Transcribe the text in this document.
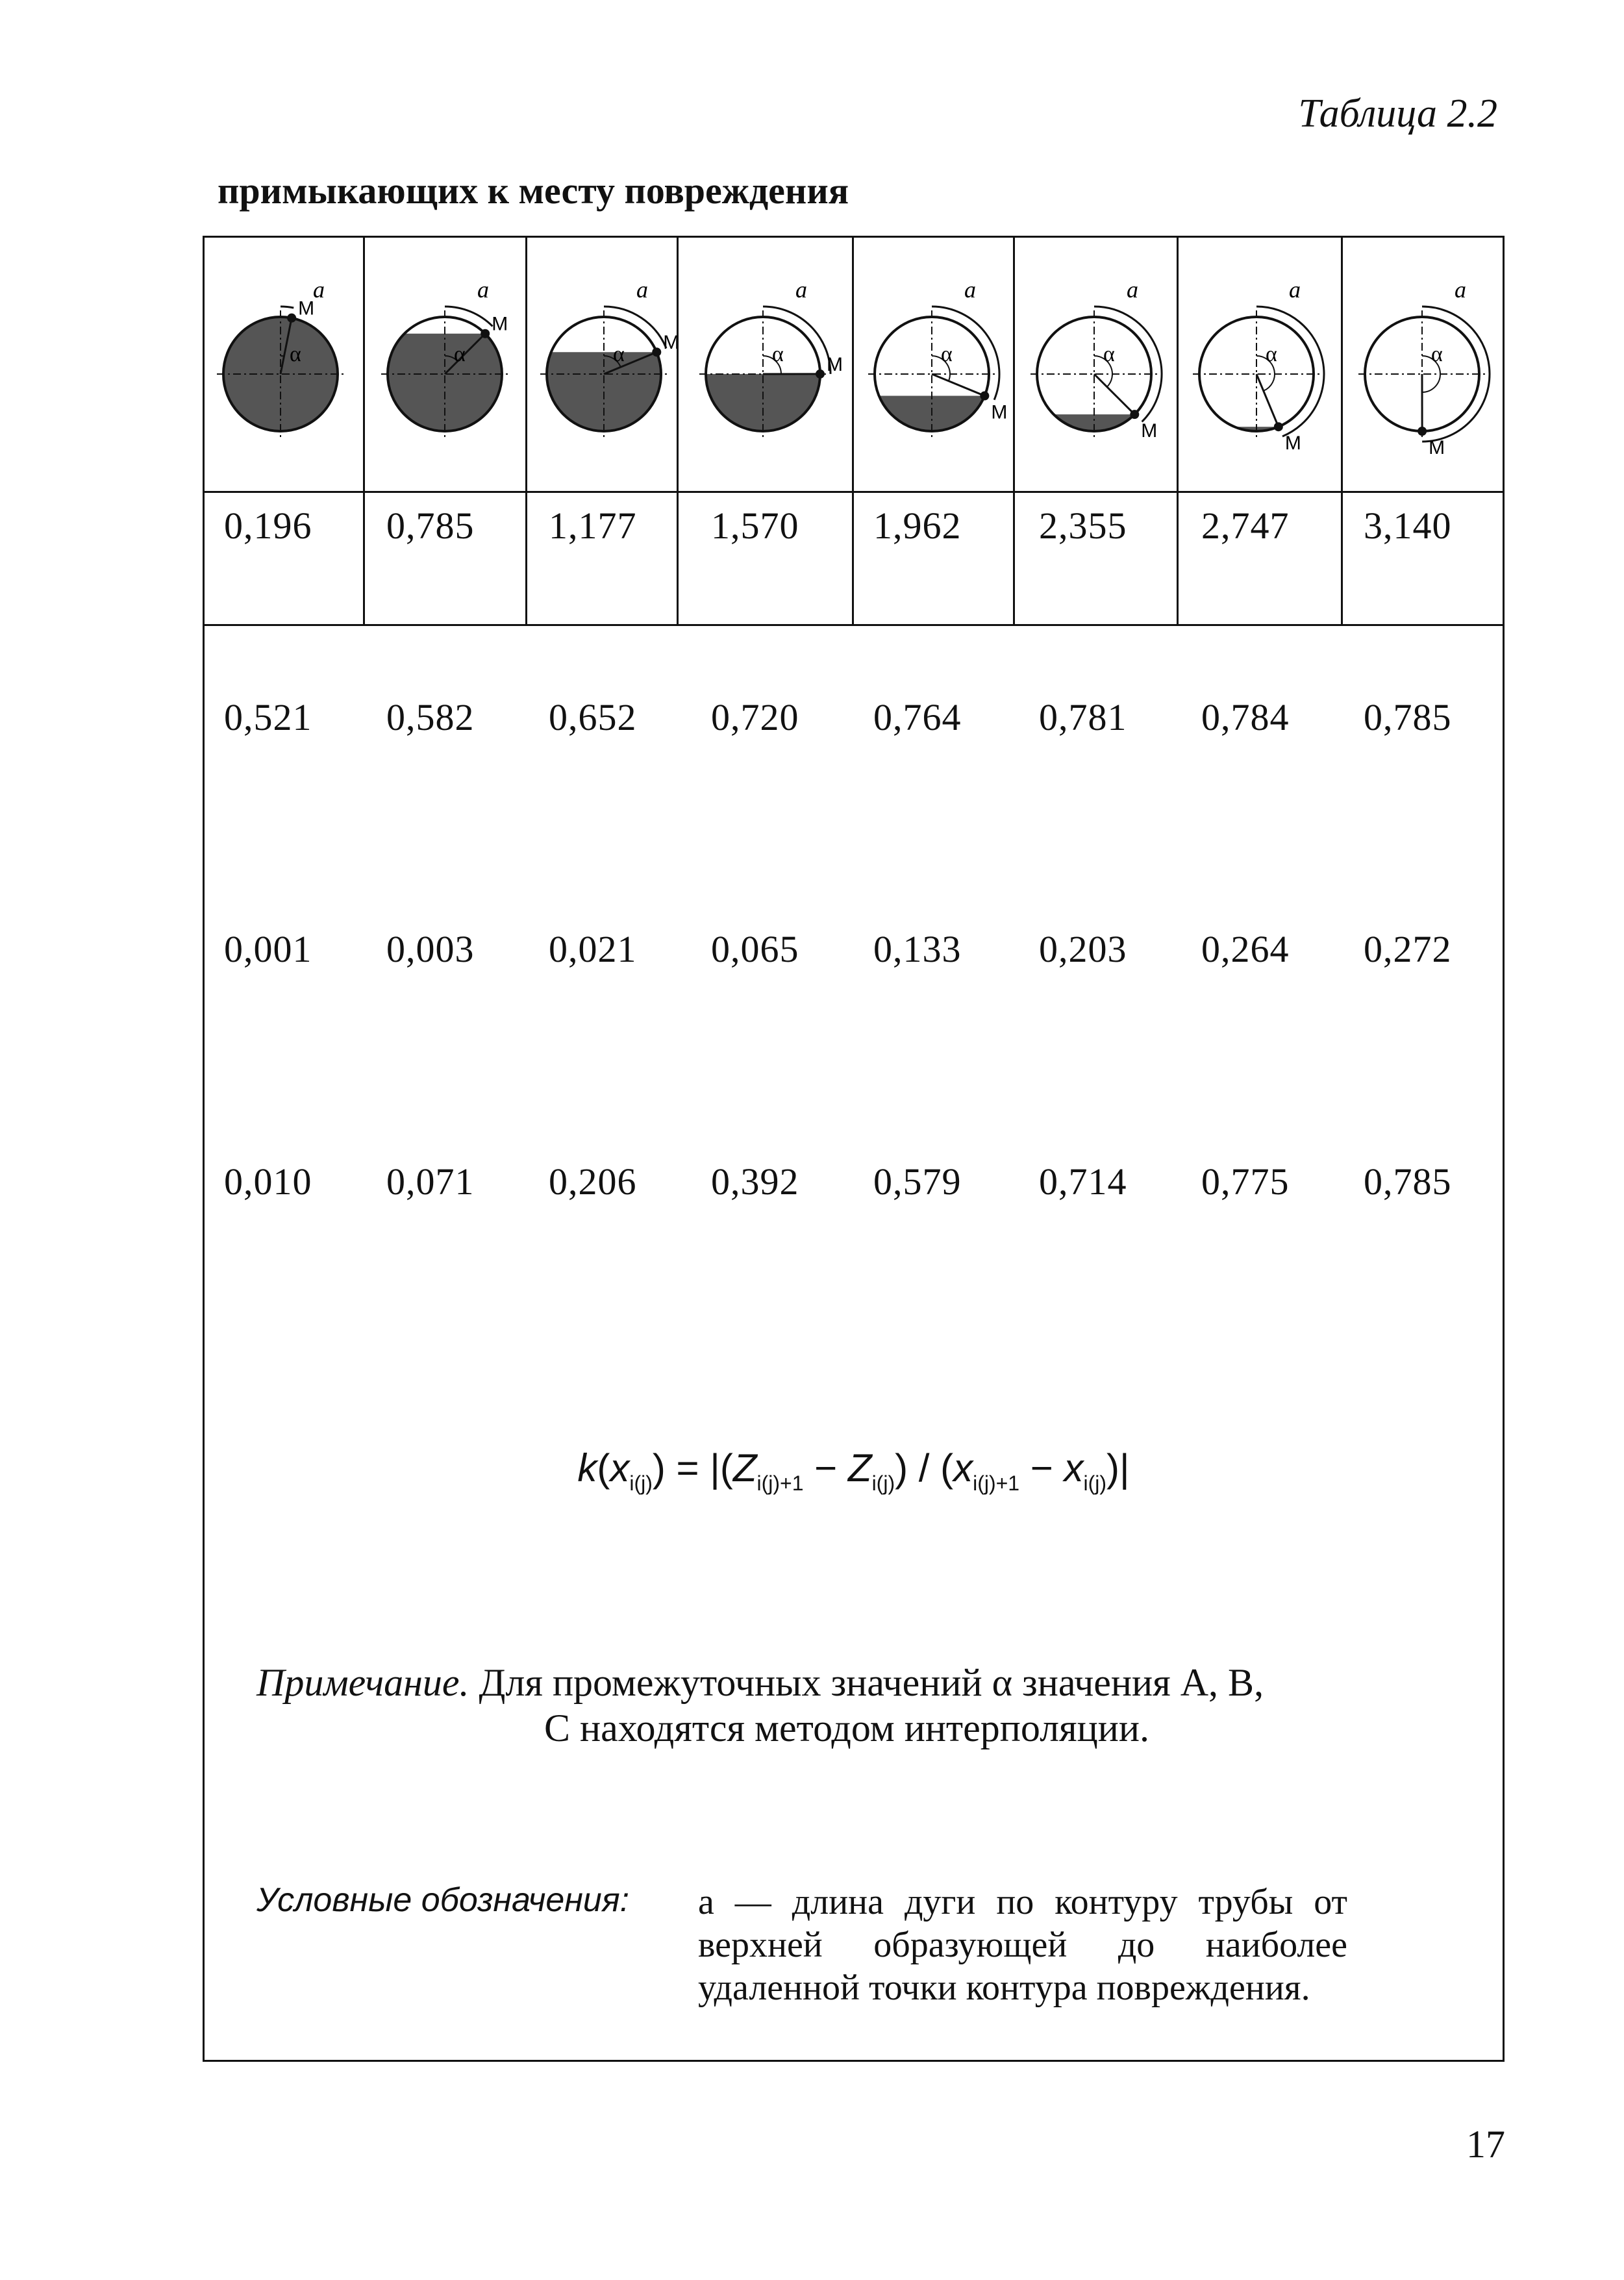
Таблица 2.2
примыкающих к месту повреждения
a
α
M
a
α
M
a
α M
a
α M
a
α
M
a
α
M
a
α
M
a
α
M
0,196 0,785 1,177 1,570 1,962 2,355 2,747 3,140
0,521 0,582 0,652 0,720 0,764 0,781 0,784 0,785
0,001 0,003 0,021 0,065 0,133 0,203 0,264 0,272
0,010 0,071 0,206 0,392 0,579 0,714 0,775 0,785
$k(x_{i(j)}) = |(Z_{i(j)+1} - Z_{i(j)}) / (x_{i(j)+1} - x_{i(j)})|$
Примечание. Для промежуточных значений α значения А, В,
С находятся методом интерполяции.
Условные обозначения: а — длина дуги по контуру трубы от верхней образующей до наиболее удаленной точки контура повреждения.
17
